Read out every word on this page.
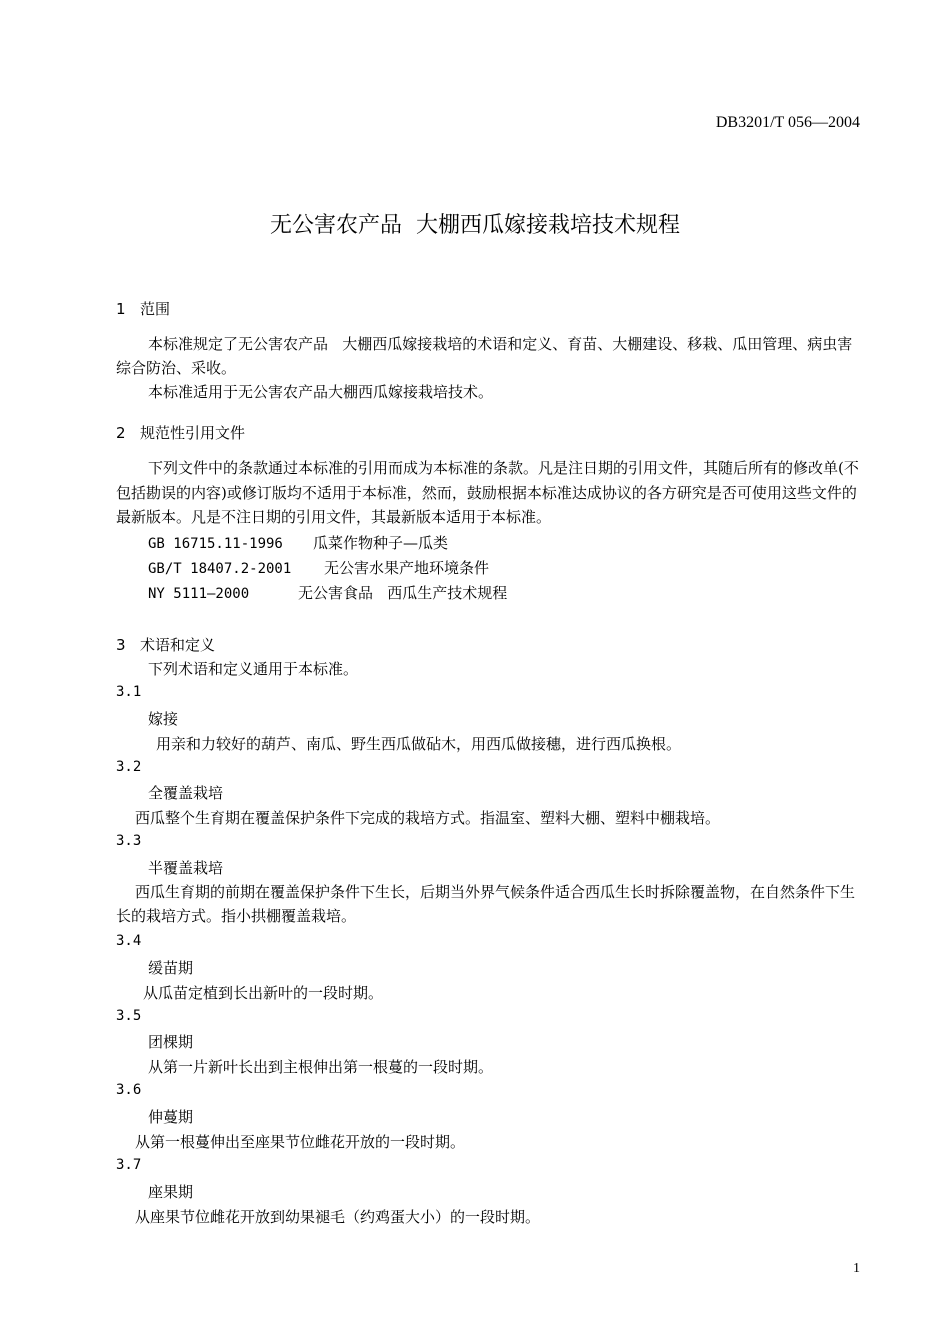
DB3201/T 056—2004
无公害农产品  大棚西瓜嫁接栽培技术规程
1 范围
本标准规定了无公害农产品   大棚西瓜嫁接栽培的术语和定义、育苗、大棚建设、移栽、瓜田管理、病虫害综合防治、采收。
本标准适用于无公害农产品大棚西瓜嫁接栽培技术。
2 规范性引用文件
下列文件中的条款通过本标准的引用而成为本标准的条款。凡是注日期的引用文件，其随后所有的修改单(不包括勘误的内容)或修订版均不适用于本标准，然而，鼓励根据本标准达成协议的各方研究是否可使用这些文件的最新版本。凡是不注日期的引用文件，其最新版本适用于本标准。
GB 16715.11-1996 瓜菜作物种子—瓜类
GB/T 18407.2-2001 无公害水果产地环境条件
NY 5111—2000	无公害食品   西瓜生产技术规程
3 术语和定义
下列术语和定义通用于本标准。
3.1
嫁接
用亲和力较好的葫芦、南瓜、野生西瓜做砧木，用西瓜做接穗，进行西瓜换根。
3.2
全覆盖栽培
西瓜整个生育期在覆盖保护条件下完成的栽培方式。指温室、塑料大棚、塑料中棚栽培。
3.3
半覆盖栽培
西瓜生育期的前期在覆盖保护条件下生长，后期当外界气候条件适合西瓜生长时拆除覆盖物，在自然条件下生长的栽培方式。指小拱棚覆盖栽培。
3.4
缓苗期
从瓜苗定植到长出新叶的一段时期。
3.5
团棵期
从第一片新叶长出到主根伸出第一根蔓的一段时期。
3.6
伸蔓期
从第一根蔓伸出至座果节位雌花开放的一段时期。
3.7
座果期
从座果节位雌花开放到幼果褪毛（约鸡蛋大小）的一段时期。
1
